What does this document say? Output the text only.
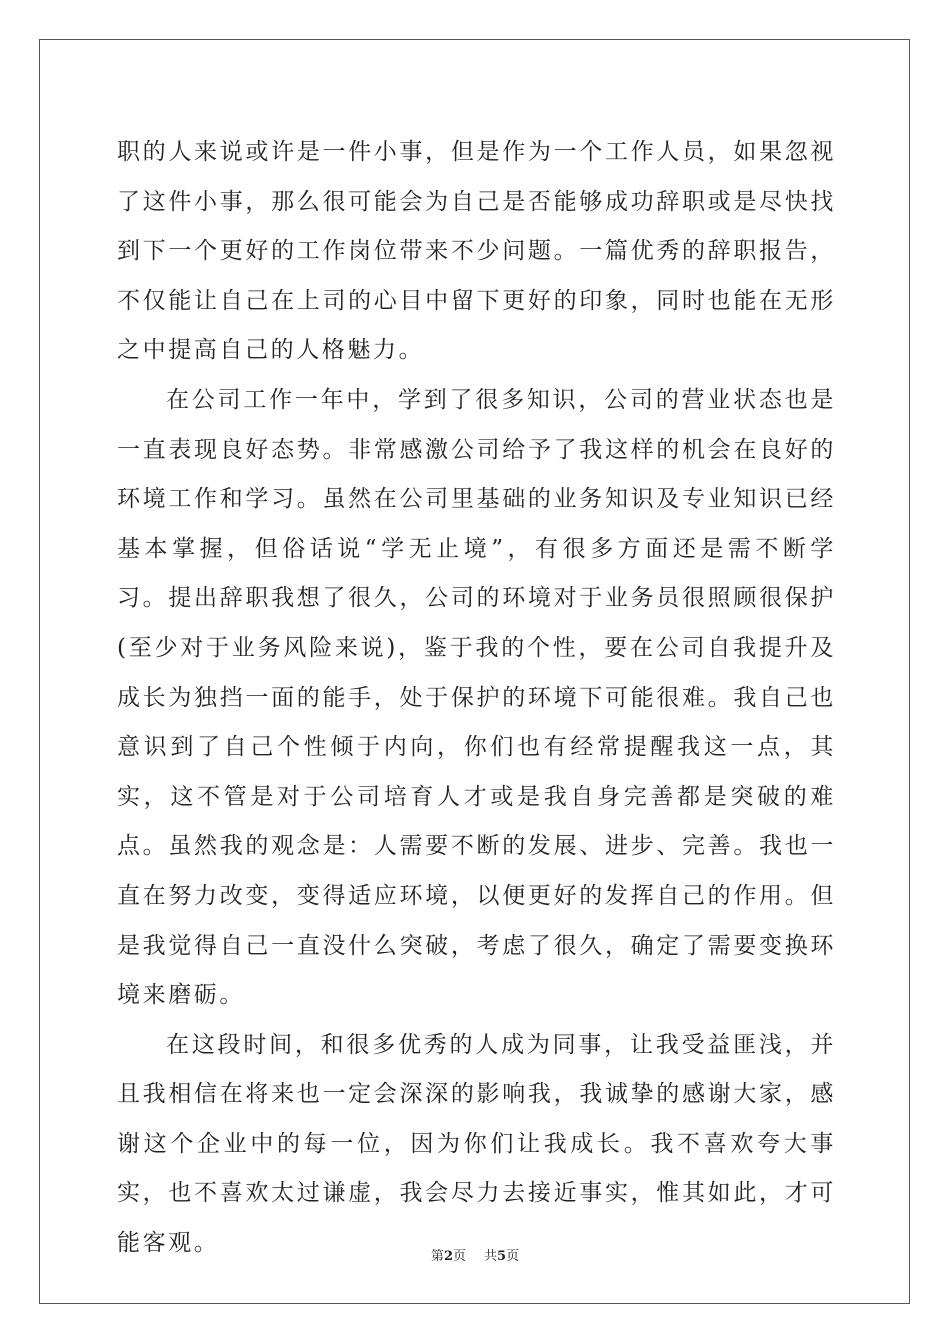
职的人来说或许是一件小事，但是作为一个工作人员，如果忽视了这件小事，那么很可能会为自己是否能够成功辞职或是尽快找到下一个更好的工作岗位带来不少问题。一篇优秀的辞职报告，不仅能让自己在上司的心目中留下更好的印象，同时也能在无形之中提高自己的人格魅力。

在公司工作一年中，学到了很多知识，公司的营业状态也是一直表现良好态势。非常感激公司给予了我这样的机会在良好的环境工作和学习。虽然在公司里基础的业务知识及专业知识已经基本掌握，但俗话说“学无止境”，有很多方面还是需不断学习。提出辞职我想了很久，公司的环境对于业务员很照顾很保护(至少对于业务风险来说)，鉴于我的个性，要在公司自我提升及成长为独挡一面的能手，处于保护的环境下可能很难。我自己也意识到了自己个性倾于内向，你们也有经常提醒我这一点，其实，这不管是对于公司培育人才或是我自身完善都是突破的难点。虽然我的观念是：人需要不断的发展、进步、完善。我也一直在努力改变，变得适应环境，以便更好的发挥自己的作用。但是我觉得自己一直没什么突破，考虑了很久，确定了需要变换环境来磨砺。

在这段时间，和很多优秀的人成为同事，让我受益匪浅，并且我相信在将来也一定会深深的影响我，我诚挚的感谢大家，感谢这个企业中的每一位，因为你们让我成长。我不喜欢夸大事实，也不喜欢太过谦虚，我会尽力去接近事实，惟其如此，才可能客观。

第2页 共5页
